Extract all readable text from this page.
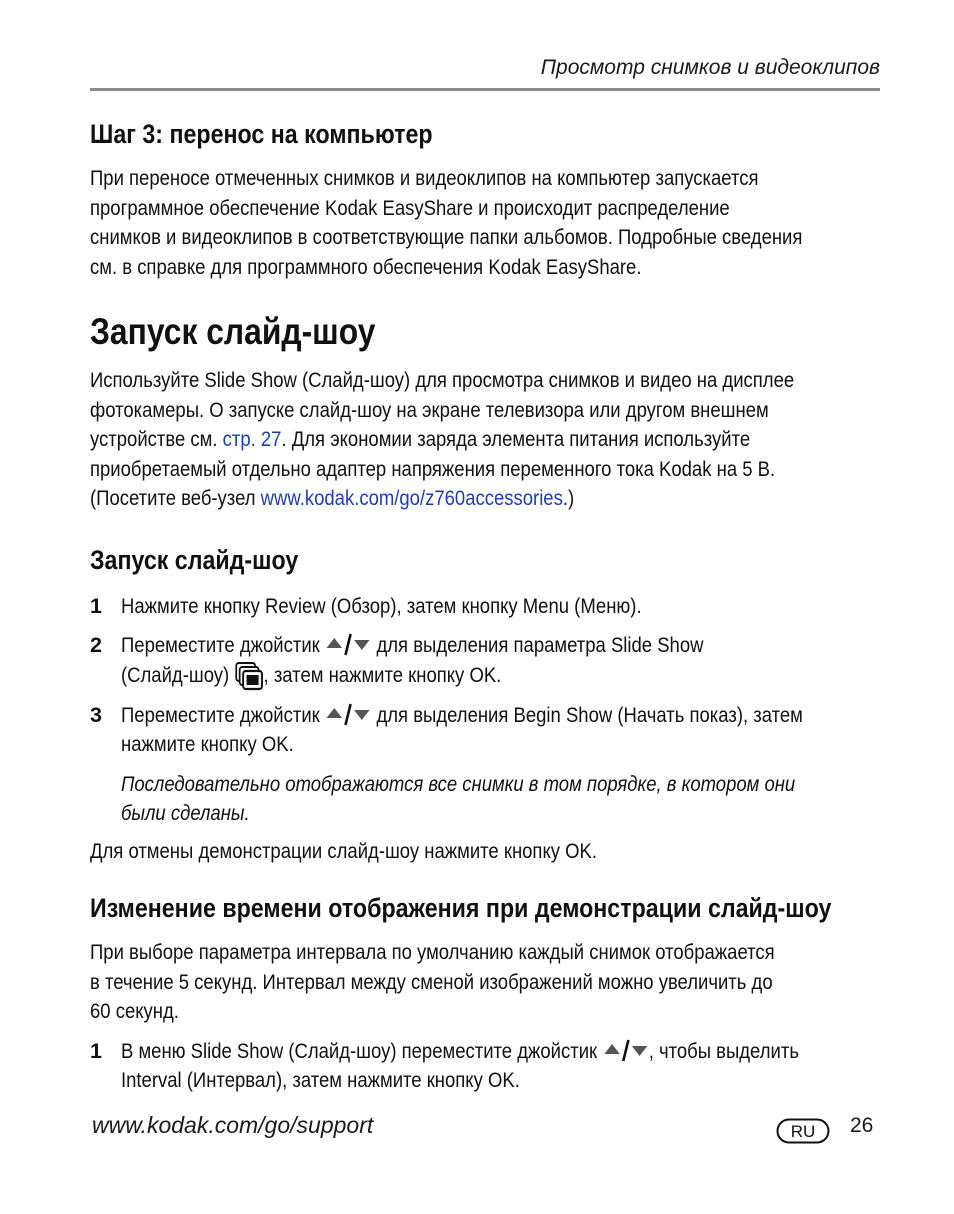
Просмотр снимков и видеоклипов
Шаг 3: перенос на компьютер
При переносе отмеченных снимков и видеоклипов на компьютер запускается
программное обеспечение Kodak EasyShare и происходит распределение
снимков и видеоклипов в соответствующие папки альбомов. Подробные сведения
см. в справке для программного обеспечения Kodak EasyShare.
Запуск слайд-шоу
Используйте Slide Show (Слайд-шоу) для просмотра снимков и видео на дисплее
фотокамеры. О запуске слайд-шоу на экране телевизора или другом внешнем
устройстве см. стр. 27. Для экономии заряда элемента питания используйте
приобретаемый отдельно адаптер напряжения переменного тока Kodak на 5 В.
(Посетите веб-узел www.kodak.com/go/z760accessories.)
Запуск слайд-шоу
1 Нажмите кнопку Review (Обзор), затем кнопку Menu (Меню).
2 Переместите джойстик  для выделения параметра Slide Show
(Слайд-шоу) , затем нажмите кнопку OK.
3 Переместите джойстик  для выделения Begin Show (Начать показ), затем
нажмите кнопку OK.
Последовательно отображаются все снимки в том порядке, в котором они
были сделаны.
Для отмены демонстрации слайд-шоу нажмите кнопку OK.
Изменение времени отображения при демонстрации слайд-шоу
При выборе параметра интервала по умолчанию каждый снимок отображается
в течение 5 секунд. Интервал между сменой изображений можно увеличить до
60 секунд.
1 В меню Slide Show (Слайд-шоу) переместите джойстик , чтобы выделить
Interval (Интервал), затем нажмите кнопку OK.
www.kodak.com/go/support	RU 26
